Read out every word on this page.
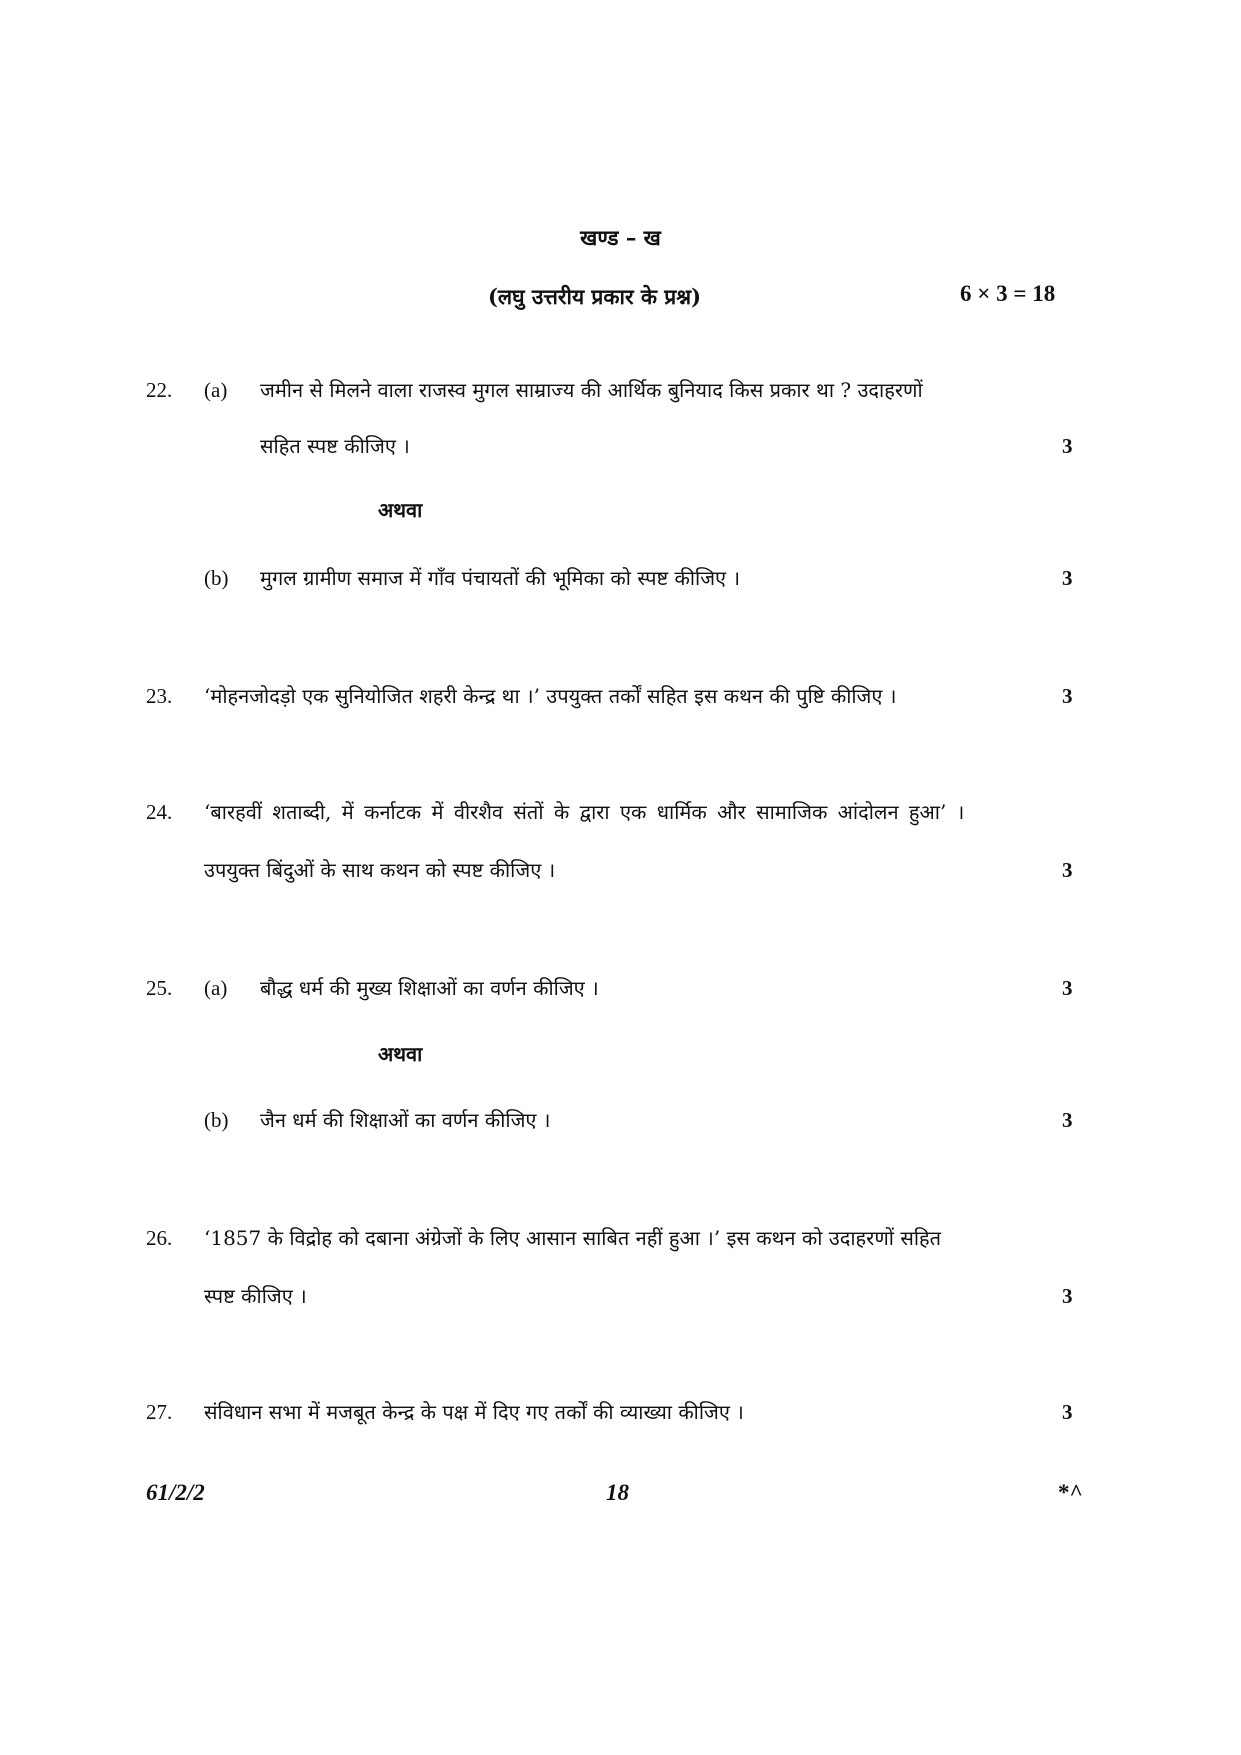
खण्ड – ख
(लघु उत्तरीय प्रकार के प्रश्न)	6 × 3 = 18
22. (a) जमीन से मिलने वाला राजस्व मुगल साम्राज्य की आर्थिक बुनियाद किस प्रकार था ? उदाहरणों
सहित स्पष्ट कीजिए ।	3
अथवा
(b) मुगल ग्रामीण समाज में गाँव पंचायतों की भूमिका को स्पष्ट कीजिए ।	3
23. ‘मोहनजोदड़ो एक सुनियोजित शहरी केन्द्र था ।’ उपयुक्त तर्कों सहित इस कथन की पुष्टि कीजिए ।	3
24. ‘बारहवीं शताब्दी, में कर्नाटक में वीरशैव संतों के द्वारा एक धार्मिक और सामाजिक आंदोलन हुआ’ ।
उपयुक्त बिंदुओं के साथ कथन को स्पष्ट कीजिए ।	3
25. (a) बौद्ध धर्म की मुख्य शिक्षाओं का वर्णन कीजिए ।	3
अथवा
(b) जैन धर्म की शिक्षाओं का वर्णन कीजिए ।	3
26. ‘1857 के विद्रोह को दबाना अंग्रेजों के लिए आसान साबित नहीं हुआ ।’ इस कथन को उदाहरणों सहित
स्पष्ट कीजिए ।	3
27. संविधान सभा में मजबूत केन्द्र के पक्ष में दिए गए तर्कों की व्याख्या कीजिए ।	3
61/2/2	18	*^
